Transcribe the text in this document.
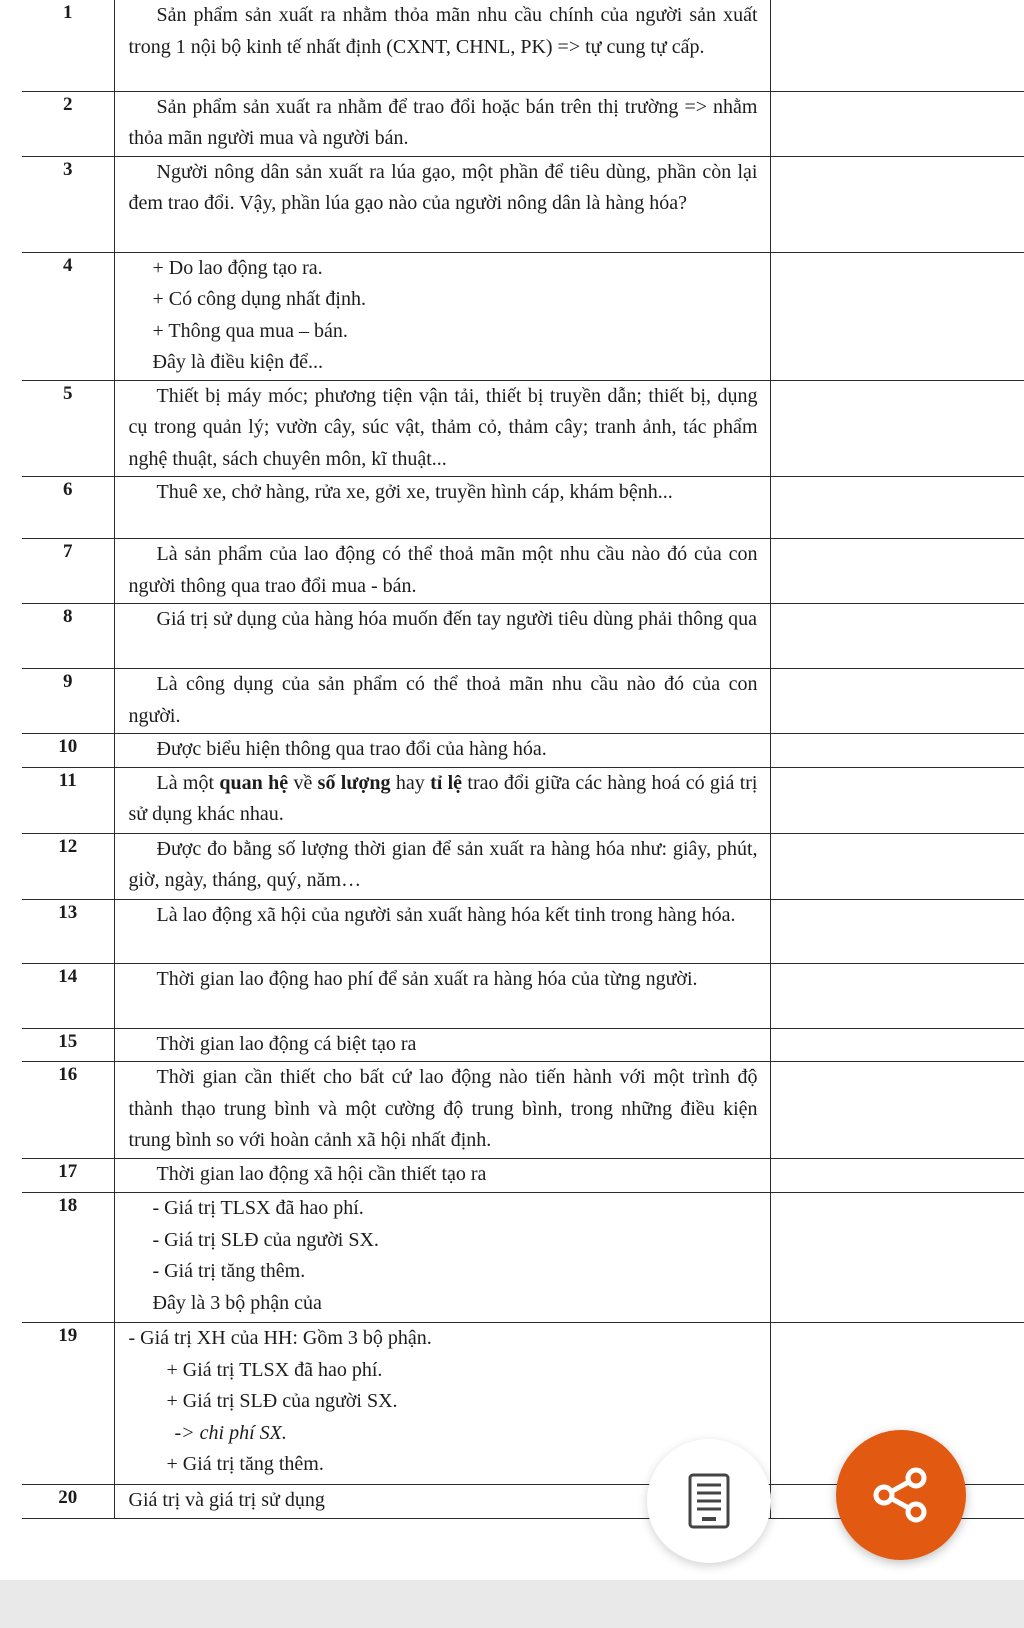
1	Sản phẩm sản xuất ra nhằm thỏa mãn nhu cầu chính của người sản xuất trong 1 nội bộ kinh tế nhất định (CXNT, CHNL, PK) => tự cung tự cấp.	

2	Sản phẩm sản xuất ra nhằm để trao đổi hoặc bán trên thị trường => nhằm thỏa mãn người mua và người bán.	

3	Người nông dân sản xuất ra lúa gạo, một phần để tiêu dùng, phần còn lại đem trao đổi. Vậy, phần lúa gạo nào của người nông dân là hàng hóa?	

4	+ Do lao động tạo ra.
+ Có công dụng nhất định.
+ Thông qua mua – bán.
Đây là điều kiện để...	

5	Thiết bị máy móc; phương tiện vận tải, thiết bị truyền dẫn; thiết bị, dụng cụ trong quản lý; vườn cây, súc vật, thảm cỏ, thảm cây; tranh ảnh, tác phẩm nghệ thuật, sách chuyên môn, kĩ thuật...	

6	Thuê xe, chở hàng, rửa xe, gởi xe, truyền hình cáp, khám bệnh...	

7	Là sản phẩm của lao động có thể thoả mãn một nhu cầu nào đó của con người thông qua trao đổi mua - bán.	

8	Giá trị sử dụng của hàng hóa muốn đến tay người tiêu dùng phải thông qua	

9	Là công dụng của sản phẩm có thể thoả mãn nhu cầu nào đó của con người.	

10	Được biểu hiện thông qua trao đổi của hàng hóa.	

11	Là một quan hệ về số lượng hay tỉ lệ trao đổi giữa các hàng hoá có giá trị sử dụng khác nhau.	
12	Được đo bằng số lượng thời gian để sản xuất ra hàng hóa như: giây, phút, giờ, ngày, tháng, quý, năm…	

13	Là lao động xã hội của người sản xuất hàng hóa kết tinh trong hàng hóa.	

14	Thời gian lao động hao phí để sản xuất ra hàng hóa của từng người.	

15	Thời gian lao động cá biệt tạo ra	

16	Thời gian cần thiết cho bất cứ lao động nào tiến hành với một trình độ thành thạo trung bình và một cường độ trung bình, trong những điều kiện trung bình so với hoàn cảnh xã hội nhất định.	

17	Thời gian lao động xã hội cần thiết tạo ra	

18	- Giá trị TLSX đã hao phí.
- Giá trị SLĐ của người SX.
- Giá trị tăng thêm.
Đây là 3 bộ phận của	

19	- Giá trị XH của HH: Gồm 3 bộ phận.
+ Giá trị TLSX đã hao phí.
+ Giá trị SLĐ của người SX.
-> chi phí SX.
+ Giá trị tăng thêm.	

20	Giá trị và giá trị sử dụng	
